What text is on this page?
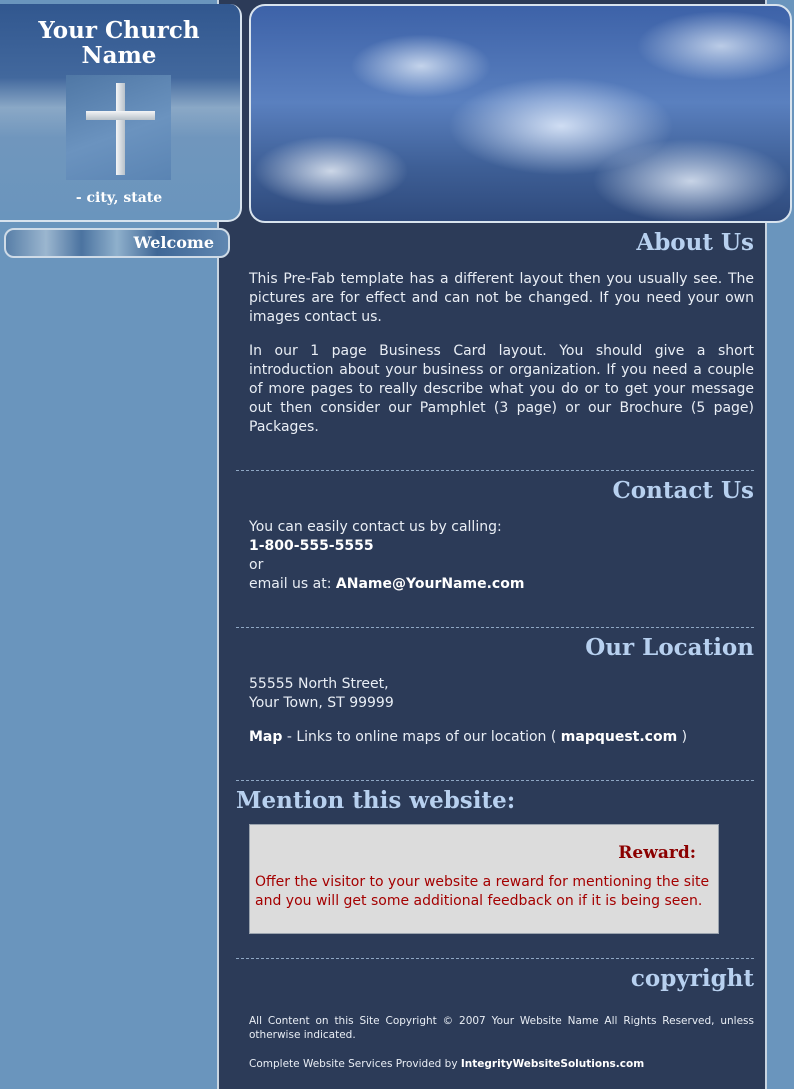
Your Church Name
- city, state
Welcome	About Us

This Pre-Fab template has a different layout then you usually see. The pictures are for effect and can not be changed. If you need your own images contact us.

In our 1 page Business Card layout. You should give a short introduction about your business or organization. If you need a couple of more pages to really describe what you do or to get your message out then consider our Pamphlet (3 page) or our Brochure (5 page) Packages.

Contact Us
You can easily contact us by calling:
1-800-555-5555
or
email us at: AName@YourName.com
Our Location
55555 North Street,
Your Town, ST 99999
Map - Links to online maps of our location ( mapquest.com )
Mention this website:
Reward:
Offer the visitor to your website a reward for mentioning the site and you will get some additional feedback on if it is being seen.
copyright
All Content on this Site Copyright © 2007 Your Website Name All Rights Reserved, unless otherwise indicated.
Complete Website Services Provided by IntegrityWebsiteSolutions.com
